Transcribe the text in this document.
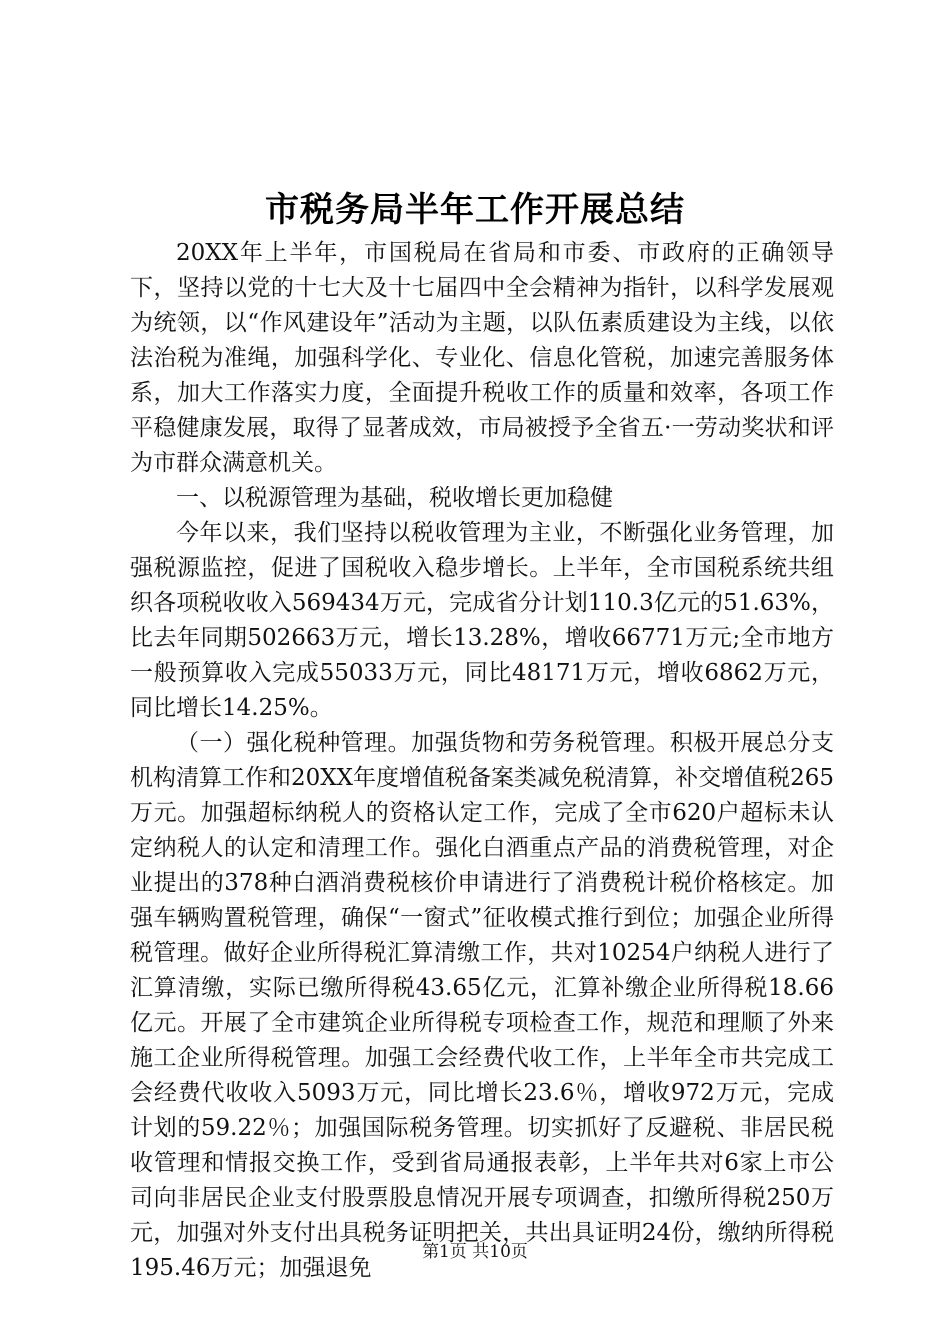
市税务局半年工作开展总结

20XX年上半年，市国税局在省局和市委、市政府的正确领导下，坚持以党的十七大及十七届四中全会精神为指针，以科学发展观为统领，以“作风建设年”活动为主题，以队伍素质建设为主线，以依法治税为准绳，加强科学化、专业化、信息化管税，加速完善服务体系，加大工作落实力度，全面提升税收工作的质量和效率，各项工作平稳健康发展，取得了显著成效，市局被授予全省五·一劳动奖状和评为市群众满意机关。

一、以税源管理为基础，税收增长更加稳健

今年以来，我们坚持以税收管理为主业，不断强化业务管理，加强税源监控，促进了国税收入稳步增长。上半年，全市国税系统共组织各项税收收入569434万元，完成省分计划110.3亿元的51.63%，比去年同期502663万元，增长13.28%，增收66771万元;全市地方一般预算收入完成55033万元，同比48171万元，增收6862万元，同比增长14.25%。

（一）强化税种管理。加强货物和劳务税管理。积极开展总分支机构清算工作和20XX年度增值税备案类减免税清算，补交增值税265万元。加强超标纳税人的资格认定工作，完成了全市620户超标未认定纳税人的认定和清理工作。强化白酒重点产品的消费税管理，对企业提出的378种白酒消费税核价申请进行了消费税计税价格核定。加强车辆购置税管理，确保“一窗式”征收模式推行到位；加强企业所得税管理。做好企业所得税汇算清缴工作，共对10254户纳税人进行了汇算清缴，实际已缴所得税43.65亿元，汇算补缴企业所得税18.66亿元。开展了全市建筑企业所得税专项检查工作，规范和理顺了外来施工企业所得税管理。加强工会经费代收工作，上半年全市共完成工会经费代收收入5093万元，同比增长23.6％，增收972万元，完成计划的59.22％；加强国际税务管理。切实抓好了反避税、非居民税收管理和情报交换工作，受到省局通报表彰，上半年共对6家上市公司向非居民企业支付股票股息情况开展专项调查，扣缴所得税250万元，加强对外支付出具税务证明把关，共出具证明24份，缴纳所得税195.46万元；加强退免

第1页 共10页
